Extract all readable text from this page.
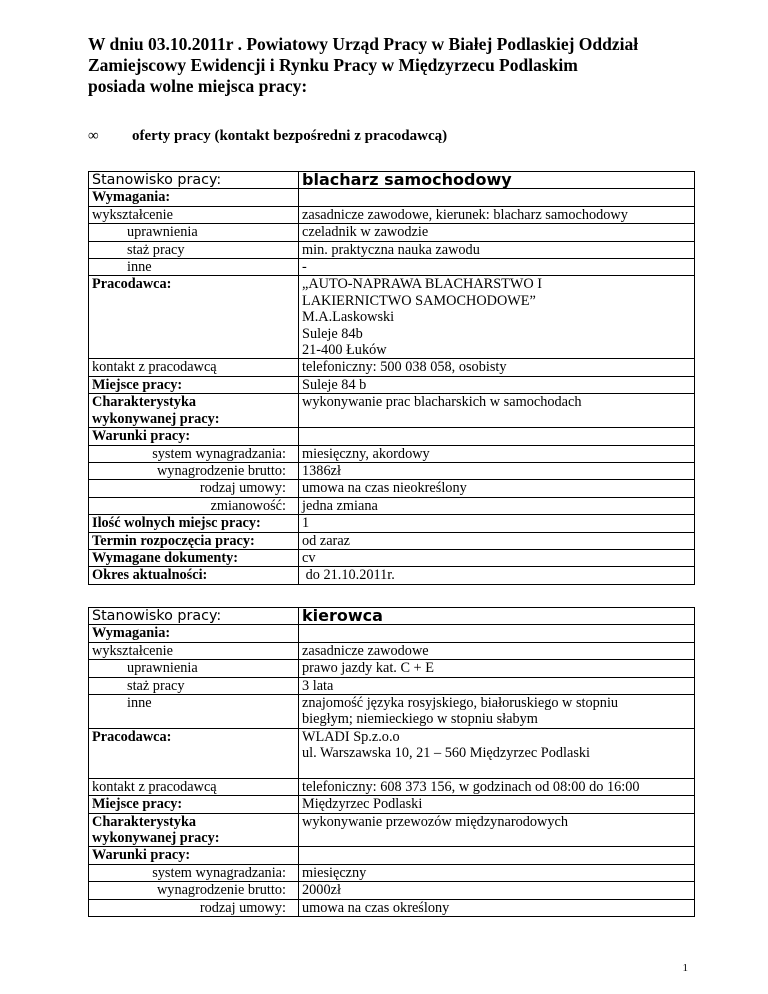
W dniu 03.10.2011r . Powiatowy Urząd Pracy w Białej Podlaskiej Oddział
Zamiejscowy Ewidencji i Rynku Pracy w Międzyrzecu Podlaskim
posiada wolne miejsca pracy:
∞	oferty pracy (kontakt bezpośredni z pracodawcą)
Stanowisko pracy:	blacharz samochodowy
Wymagania:	
wykształcenie	zasadnicze zawodowe, kierunek: blacharz samochodowy
uprawnienia	czeladnik w zawodzie
staż pracy	min. praktyczna nauka zawodu
inne	-
Pracodawca:	„AUTO-NAPRAWA BLACHARSTWO I
LAKIERNICTWO SAMOCHODOWE”
M.A.Laskowski
Suleje 84b
21-400 Łuków

kontakt z pracodawcą	telefoniczny: 500 038 058, osobisty
Miejsce pracy:	Suleje 84 b

Charakterystyka
wykonywanej pracy:	wykonywanie prac blacharskich w samochodach
Warunki pracy:	
system wynagradzania:	miesięczny, akordowy
wynagrodzenie brutto:	1386zł
rodzaj umowy:	umowa na czas nieokreślony
zmianowość:	jedna zmiana
Ilość wolnych miejsc pracy:	1
Termin rozpoczęcia pracy:	od zaraz
Wymagane dokumenty:	cv
Okres aktualności:	do 21.10.2011r.
Stanowisko pracy:	kierowca
Wymagania:	
wykształcenie	zasadnicze zawodowe
uprawnienia	prawo jazdy kat. C + E
staż pracy	3 lata
inne	znajomość języka rosyjskiego, białoruskiego w stopniu
biegłym; niemieckiego w stopniu słabym

Pracodawca:	WLADI Sp.z.o.o
ul. Warszawska 10, 21 – 560 Międzyrzec Podlaski

kontakt z pracodawcą	telefoniczny: 608 373 156, w godzinach od 08:00 do 16:00
Miejsce pracy:	Międzyrzec Podlaski

Charakterystyka
wykonywanej pracy:	wykonywanie przewozów międzynarodowych
Warunki pracy:	
system wynagradzania:	miesięczny
wynagrodzenie brutto:	2000zł
rodzaj umowy:	umowa na czas określony
1
